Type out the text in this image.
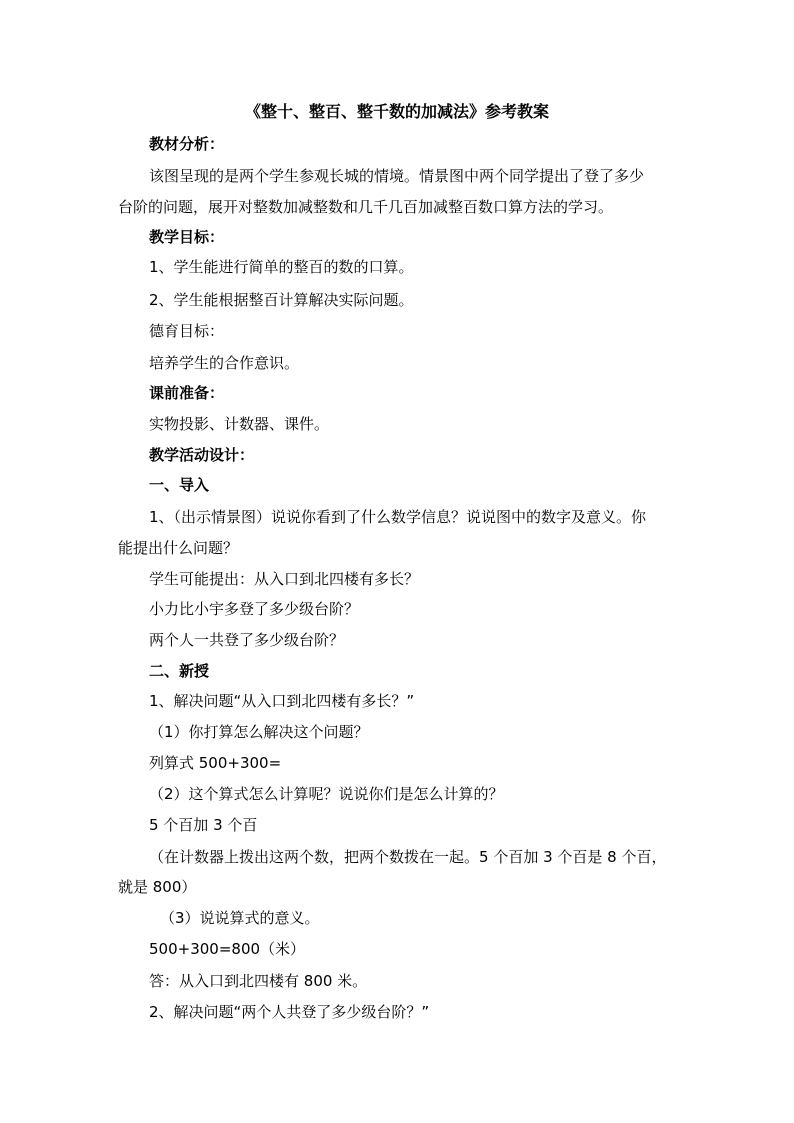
《整十、整百、整千数的加减法》参考教案

教材分析：

该图呈现的是两个学生参观长城的情境。情景图中两个同学提出了登了多少

台阶的问题，展开对整数加减整数和几千几百加减整百数口算方法的学习。

教学目标：

1、学生能进行简单的整百的数的口算。

2、学生能根据整百计算解决实际问题。

德育目标：

培养学生的合作意识。

课前准备：

实物投影、计数器、课件。

教学活动设计：

一、导入

1、（出示情景图）说说你看到了什么数学信息？说说图中的数字及意义。你

能提出什么问题？

学生可能提出：从入口到北四楼有多长？

小力比小宇多登了多少级台阶？

两个人一共登了多少级台阶？

二、新授

1、解决问题“从入口到北四楼有多长？”

（1）你打算怎么解决这个问题？

列算式 500+300=

（2）这个算式怎么计算呢？说说你们是怎么计算的？

5 个百加 3 个百

（在计数器上拨出这两个数，把两个数拨在一起。5 个百加 3 个百是 8 个百，

就是 800）

（3）说说算式的意义。

500+300=800（米）

答：从入口到北四楼有 800 米。

2、解决问题“两个人共登了多少级台阶？”
